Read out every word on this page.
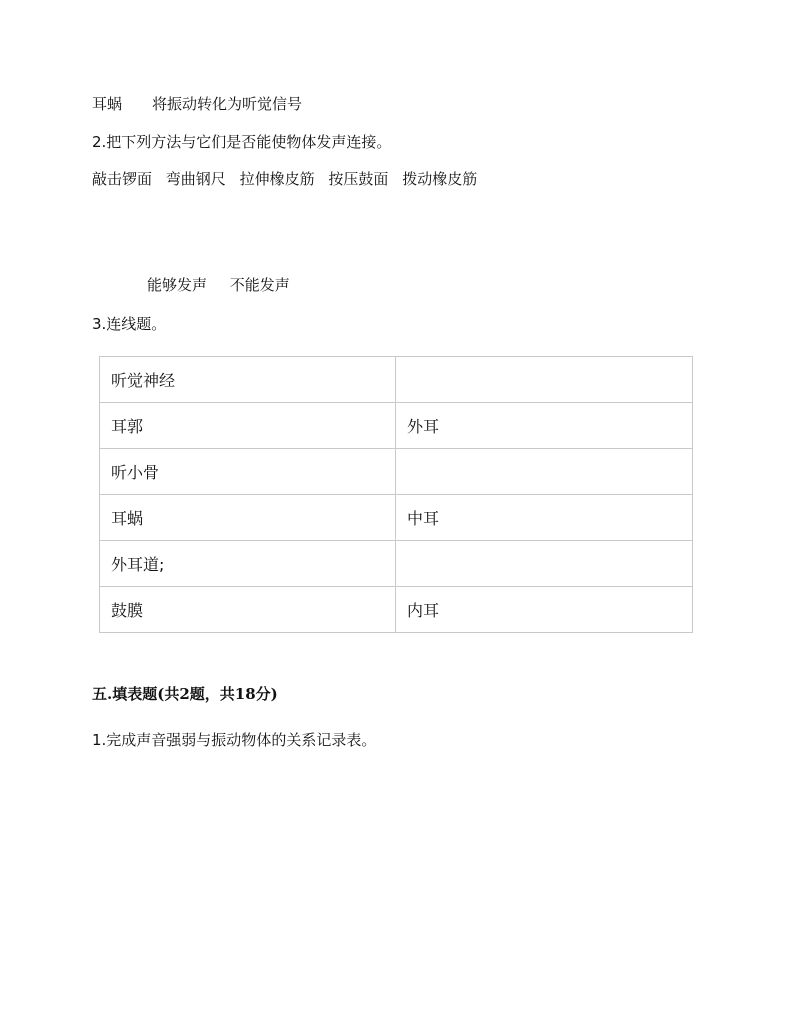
耳蜗 将振动转化为听觉信号
2.把下列方法与它们是否能使物体发声连接。
敲击锣面 弯曲钢尺 拉伸橡皮筋 按压鼓面 拨动橡皮筋
能够发声 不能发声
3.连线题。
听觉神经	
耳郭	外耳
听小骨	
耳蜗	中耳
外耳道;	
鼓膜	内耳
五.填表题(共2题，共18分)
1.完成声音强弱与振动物体的关系记录表。
